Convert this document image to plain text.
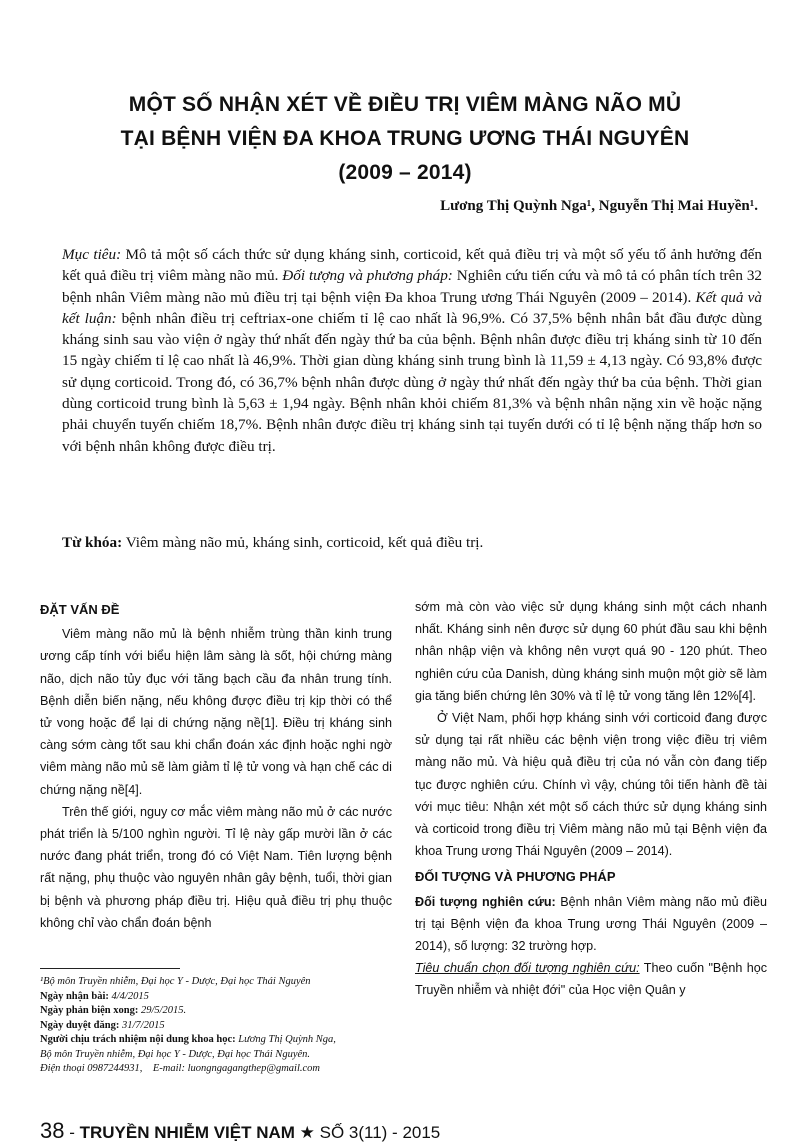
MỘT SỐ NHẬN XÉT VỀ ĐIỀU TRỊ VIÊM MÀNG NÃO MỦ
TẠI BỆNH VIỆN ĐA KHOA TRUNG ƯƠNG THÁI NGUYÊN
(2009 – 2014)
Lương Thị Quỳnh Nga¹, Nguyễn Thị Mai Huyền¹.
Mục tiêu: Mô tả một số cách thức sử dụng kháng sinh, corticoid, kết quả điều trị và một số yếu tố ảnh hưởng đến kết quả điều trị viêm màng não mủ. Đối tượng và phương pháp: Nghiên cứu tiến cứu và mô tả có phân tích trên 32 bệnh nhân Viêm màng não mủ điều trị tại bệnh viện Đa khoa Trung ương Thái Nguyên (2009 – 2014). Kết quả và kết luận: bệnh nhân điều trị ceftriax-one chiếm tỉ lệ cao nhất là 96,9%. Có 37,5% bệnh nhân bắt đầu được dùng kháng sinh sau vào viện ở ngày thứ nhất đến ngày thứ ba của bệnh. Bệnh nhân được điều trị kháng sinh từ 10 đến 15 ngày chiếm tỉ lệ cao nhất là 46,9%. Thời gian dùng kháng sinh trung bình là 11,59 ± 4,13 ngày. Có 93,8% được sử dụng corticoid. Trong đó, có 36,7% bệnh nhân được dùng ở ngày thứ nhất đến ngày thứ ba của bệnh. Thời gian dùng corticoid trung bình là 5,63 ± 1,94 ngày. Bệnh nhân khỏi chiếm 81,3% và bệnh nhân nặng xin về hoặc nặng phải chuyển tuyến chiếm 18,7%. Bệnh nhân được điều trị kháng sinh tại tuyến dưới có tỉ lệ bệnh nặng thấp hơn so với bệnh nhân không được điều trị.
Từ khóa: Viêm màng não mủ, kháng sinh, corticoid, kết quả điều trị.
ĐẶT VẤN ĐỀ

Viêm màng não mủ là bệnh nhiễm trùng thần kinh trung ương cấp tính với biểu hiện lâm sàng là sốt, hội chứng màng não, dịch não tủy đục với tăng bạch cầu đa nhân trung tính. Bệnh diễn biến nặng, nếu không được điều trị kịp thời có thể tử vong hoặc để lại di chứng nặng nề[1]. Điều trị kháng sinh càng sớm càng tốt sau khi chẩn đoán xác định hoặc nghi ngờ viêm màng não mủ sẽ làm giảm tỉ lệ tử vong và hạn chế các di chứng nặng nề[4].

Trên thế giới, nguy cơ mắc viêm màng não mủ ở các nước phát triển là 5/100 nghìn người. Tỉ lệ này gấp mười lần ở các nước đang phát triển, trong đó có Việt Nam. Tiên lượng bệnh rất nặng, phụ thuộc vào nguyên nhân gây bệnh, tuổi, thời gian bị bệnh và phương pháp điều trị. Hiệu quả điều trị phụ thuộc không chỉ vào chẩn đoán bệnh

sớm mà còn vào việc sử dụng kháng sinh một cách nhanh nhất. Kháng sinh nên được sử dụng 60 phút đầu sau khi bệnh nhân nhập viện và không nên vượt quá 90 - 120 phút. Theo nghiên cứu của Danish, dùng kháng sinh muộn một giờ sẽ làm gia tăng biến chứng lên 30% và tỉ lệ tử vong tăng lên 12%[4].

Ở Việt Nam, phối hợp kháng sinh với corticoid đang được sử dụng tại rất nhiều các bệnh viện trong việc điều trị viêm màng não mủ. Và hiệu quả điều trị của nó vẫn còn đang tiếp tục được nghiên cứu. Chính vì vậy, chúng tôi tiến hành đề tài với mục tiêu: Nhận xét một số cách thức sử dụng kháng sinh và corticoid trong điều trị Viêm màng não mủ tại Bệnh viện đa khoa Trung ương Thái Nguyên (2009 – 2014).

ĐỐI TƯỢNG VÀ PHƯƠNG PHÁP

Đối tượng nghiên cứu: Bệnh nhân Viêm màng não mủ điều trị tại Bệnh viện đa khoa Trung ương Thái Nguyên (2009 – 2014), số lượng: 32 trường hợp.

Tiêu chuẩn chọn đối tượng nghiên cứu: Theo cuốn "Bệnh học Truyền nhiễm và nhiệt đới" của Học viện Quân y

¹Bộ môn Truyền nhiễm, Đại học Y - Dược, Đại học Thái Nguyên
Ngày nhận bài: 4/4/2015
Ngày phản biện xong: 29/5/2015.
Ngày duyệt đăng: 31/7/2015
Người chịu trách nhiệm nội dung khoa học: Lương Thị Quỳnh Nga,
Bộ môn Truyền nhiễm, Đại học Y - Dược, Đại học Thái Nguyên.
Điện thoại 0987244931, E-mail: luongngagangthep@gmail.com
38 - TRUYỀN NHIỄM VIỆT NAM ★ SỐ 3(11) - 2015
